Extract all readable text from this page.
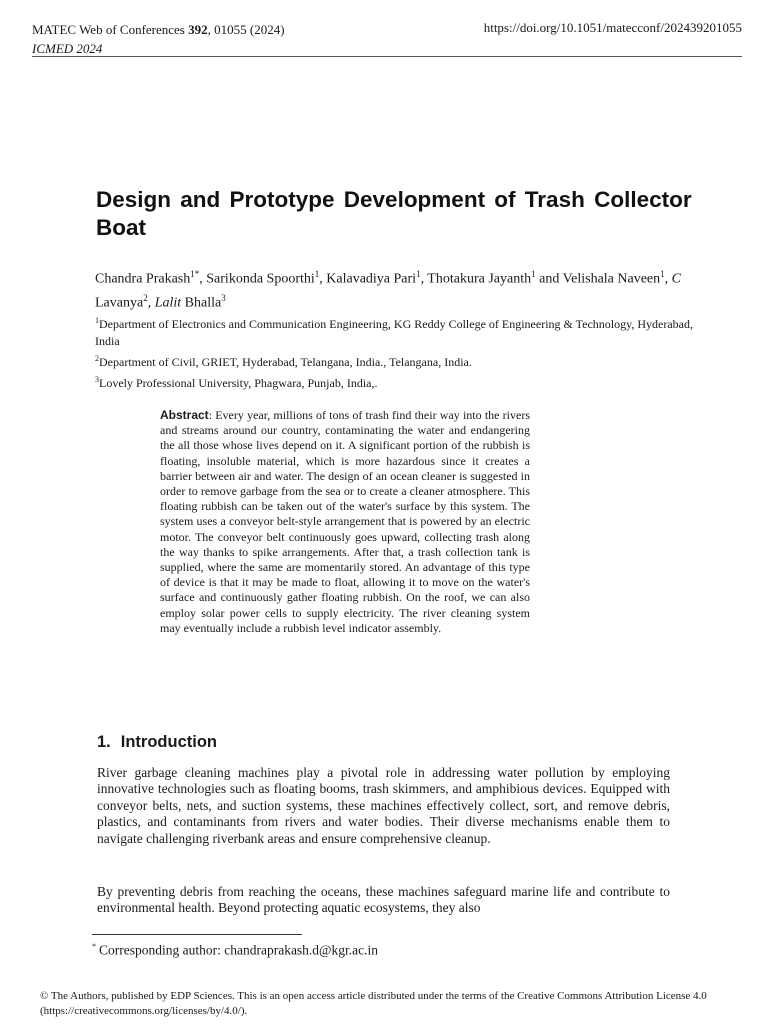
MATEC Web of Conferences 392, 01055 (2024)
ICMED 2024
https://doi.org/10.1051/matecconf/202439201055
Design and Prototype Development of Trash Collector Boat
Chandra Prakash$^{1*}$, Sarikonda Spoorthi$^1$, Kalavadiya Pari$^1$, Thotakura Jayanth$^1$ and Velishala Naveen$^1$, C Lavanya$^2$, Lalit Bhalla$^3$
$^1$Department of Electronics and Communication Engineering, KG Reddy College of Engineering & Technology, Hyderabad, India
$^2$Department of Civil, GRIET, Hyderabad, Telangana, India., Telangana, India.
$^3$Lovely Professional University, Phagwara, Punjab, India,.
Abstract: Every year, millions of tons of trash find their way into the rivers and streams around our country, contaminating the water and endangering the all those whose lives depend on it. A significant portion of the rubbish is floating, insoluble material, which is more hazardous since it creates a barrier between air and water. The design of an ocean cleaner is suggested in order to remove garbage from the sea or to create a cleaner atmosphere. This floating rubbish can be taken out of the water's surface by this system. The system uses a conveyor belt-style arrangement that is powered by an electric motor. The conveyor belt continuously goes upward, collecting trash along the way thanks to spike arrangements. After that, a trash collection tank is supplied, where the same are momentarily stored. An advantage of this type of device is that it may be made to float, allowing it to move on the water's surface and continuously gather floating rubbish. On the roof, we can also employ solar power cells to supply electricity. The river cleaning system may eventually include a rubbish level indicator assembly.
1. Introduction
River garbage cleaning machines play a pivotal role in addressing water pollution by employing innovative technologies such as floating booms, trash skimmers, and amphibious devices. Equipped with conveyor belts, nets, and suction systems, these machines effectively collect, sort, and remove debris, plastics, and contaminants from rivers and water bodies. Their diverse mechanisms enable them to navigate challenging riverbank areas and ensure comprehensive cleanup.
By preventing debris from reaching the oceans, these machines safeguard marine life and contribute to environmental health. Beyond protecting aquatic ecosystems, they also
* Corresponding author: chandraprakash.d@kgr.ac.in
© The Authors, published by EDP Sciences. This is an open access article distributed under the terms of the Creative Commons Attribution License 4.0 (https://creativecommons.org/licenses/by/4.0/).
